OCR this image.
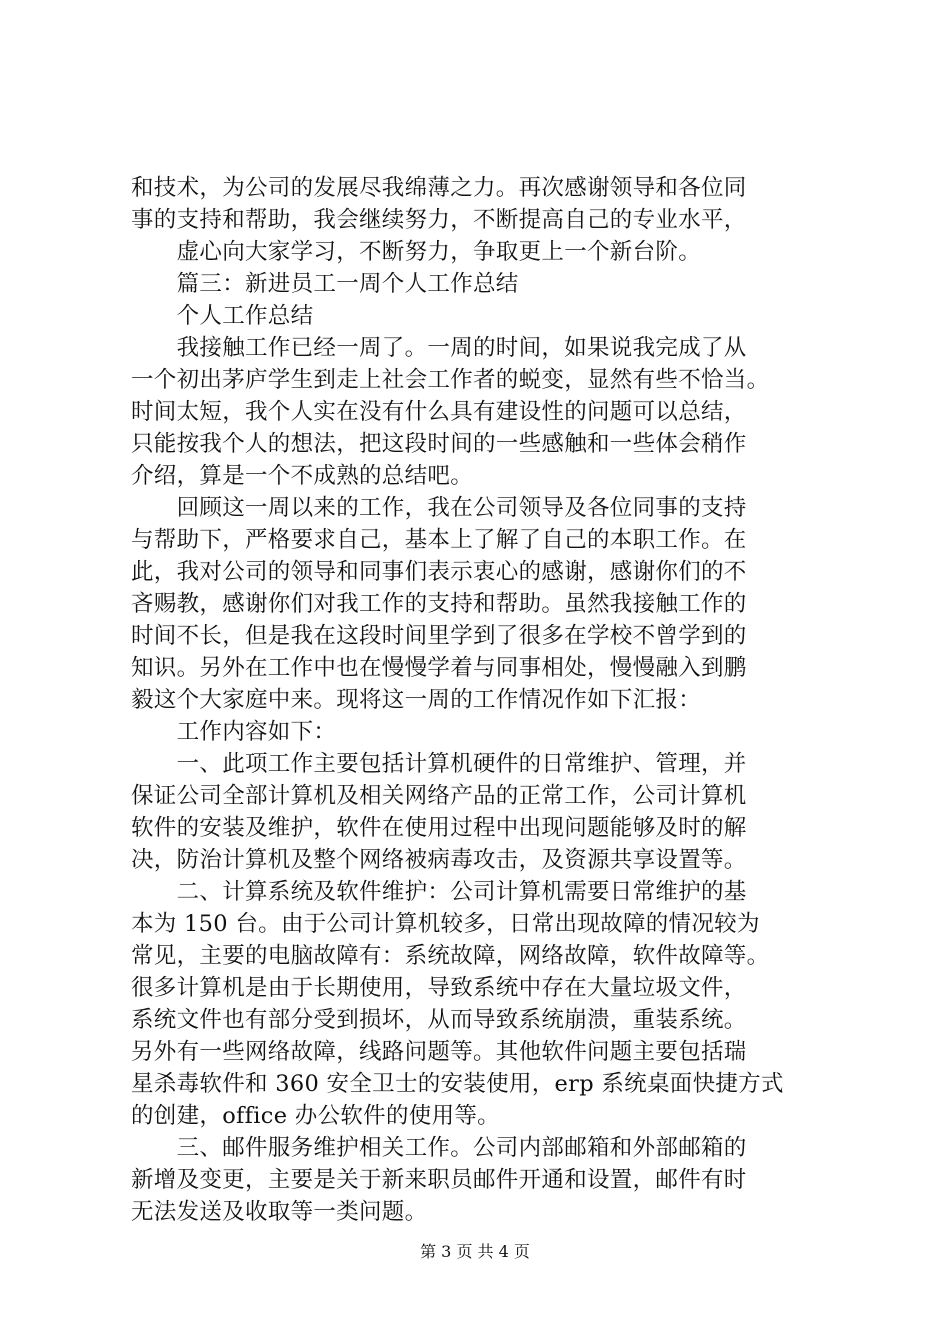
和技术，为公司的发展尽我绵薄之力。再次感谢领导和各位同
事的支持和帮助，我会继续努力，不断提高自己的专业水平，
　　虚心向大家学习，不断努力，争取更上一个新台阶。
　　篇三：新进员工一周个人工作总结
　　个人工作总结
　　我接触工作已经一周了。一周的时间，如果说我完成了从
一个初出茅庐学生到走上社会工作者的蜕变，显然有些不恰当。
时间太短，我个人实在没有什么具有建设性的问题可以总结，
只能按我个人的想法，把这段时间的一些感触和一些体会稍作
介绍，算是一个不成熟的总结吧。
　　回顾这一周以来的工作，我在公司领导及各位同事的支持
与帮助下，严格要求自己，基本上了解了自己的本职工作。在
此，我对公司的领导和同事们表示衷心的感谢，感谢你们的不
吝赐教，感谢你们对我工作的支持和帮助。虽然我接触工作的
时间不长，但是我在这段时间里学到了很多在学校不曾学到的
知识。另外在工作中也在慢慢学着与同事相处，慢慢融入到鹏
毅这个大家庭中来。现将这一周的工作情况作如下汇报：
　　工作内容如下：
　　一、此项工作主要包括计算机硬件的日常维护、管理，并
保证公司全部计算机及相关网络产品的正常工作，公司计算机
软件的安装及维护，软件在使用过程中出现问题能够及时的解
决，防治计算机及整个网络被病毒攻击，及资源共享设置等。
　　二、计算系统及软件维护：公司计算机需要日常维护的基
本为 150 台。由于公司计算机较多，日常出现故障的情况较为
常见，主要的电脑故障有：系统故障，网络故障，软件故障等。
很多计算机是由于长期使用，导致系统中存在大量垃圾文件，
系统文件也有部分受到损坏，从而导致系统崩溃，重装系统。
另外有一些网络故障，线路问题等。其他软件问题主要包括瑞
星杀毒软件和 360 安全卫士的安装使用，erp 系统桌面快捷方式
的创建，office 办公软件的使用等。
　　三、邮件服务维护相关工作。公司内部邮箱和外部邮箱的
新增及变更，主要是关于新来职员邮件开通和设置，邮件有时
无法发送及收取等一类问题。
第 3 页 共 4 页
